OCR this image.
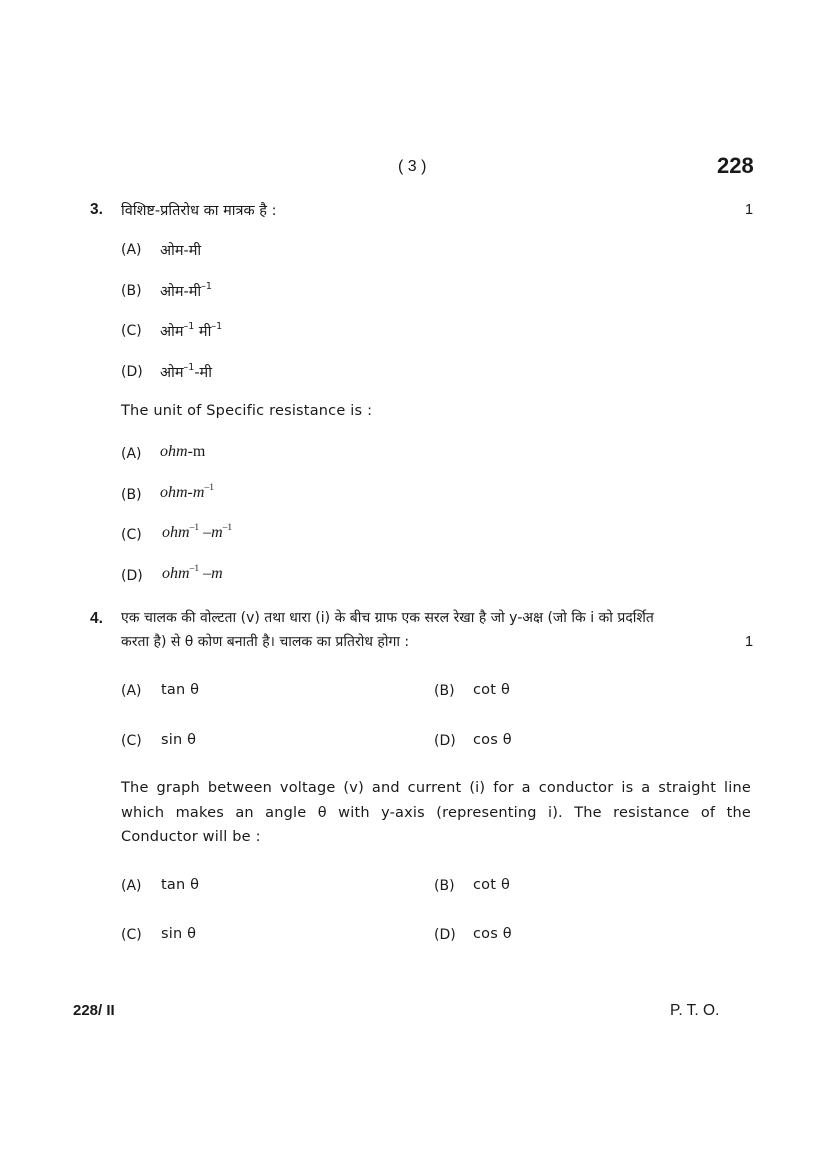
( 3 )	228
3. विशिष्ट-प्रतिरोध का मात्रक है :	1
(A) ओम-मी
(B) ओम-मी$^{-1}$
(C) ओम$^{-1}$ मी$^{-1}$
(D) ओम$^{-1}$-मी
The unit of Specific resistance is :
(A) ohm-m
(B) ohm-$m^{-1}$
(C) ohm$^{-1}$ $-m^{-1}$
(D) ohm$^{-1}$ –m
4. एक चालक की वोल्टता (v) तथा धारा (i) के बीच ग्राफ एक सरल रेखा है जो y-अक्ष (जो कि i को प्रदर्शित
करता है) से θ कोण बनाती है। चालक का प्रतिरोध होगा :	1
(A) tan θ	(B) cot θ
(C) sin θ	(D) cos θ
The graph between voltage (v) and current (i) for a conductor is a straight line which makes an angle θ with y-axis (representing i). The resistance of the Conductor will be :
(A) tan θ	(B) cot θ
(C) sin θ	(D) cos θ
228/ II	P. T. O.
